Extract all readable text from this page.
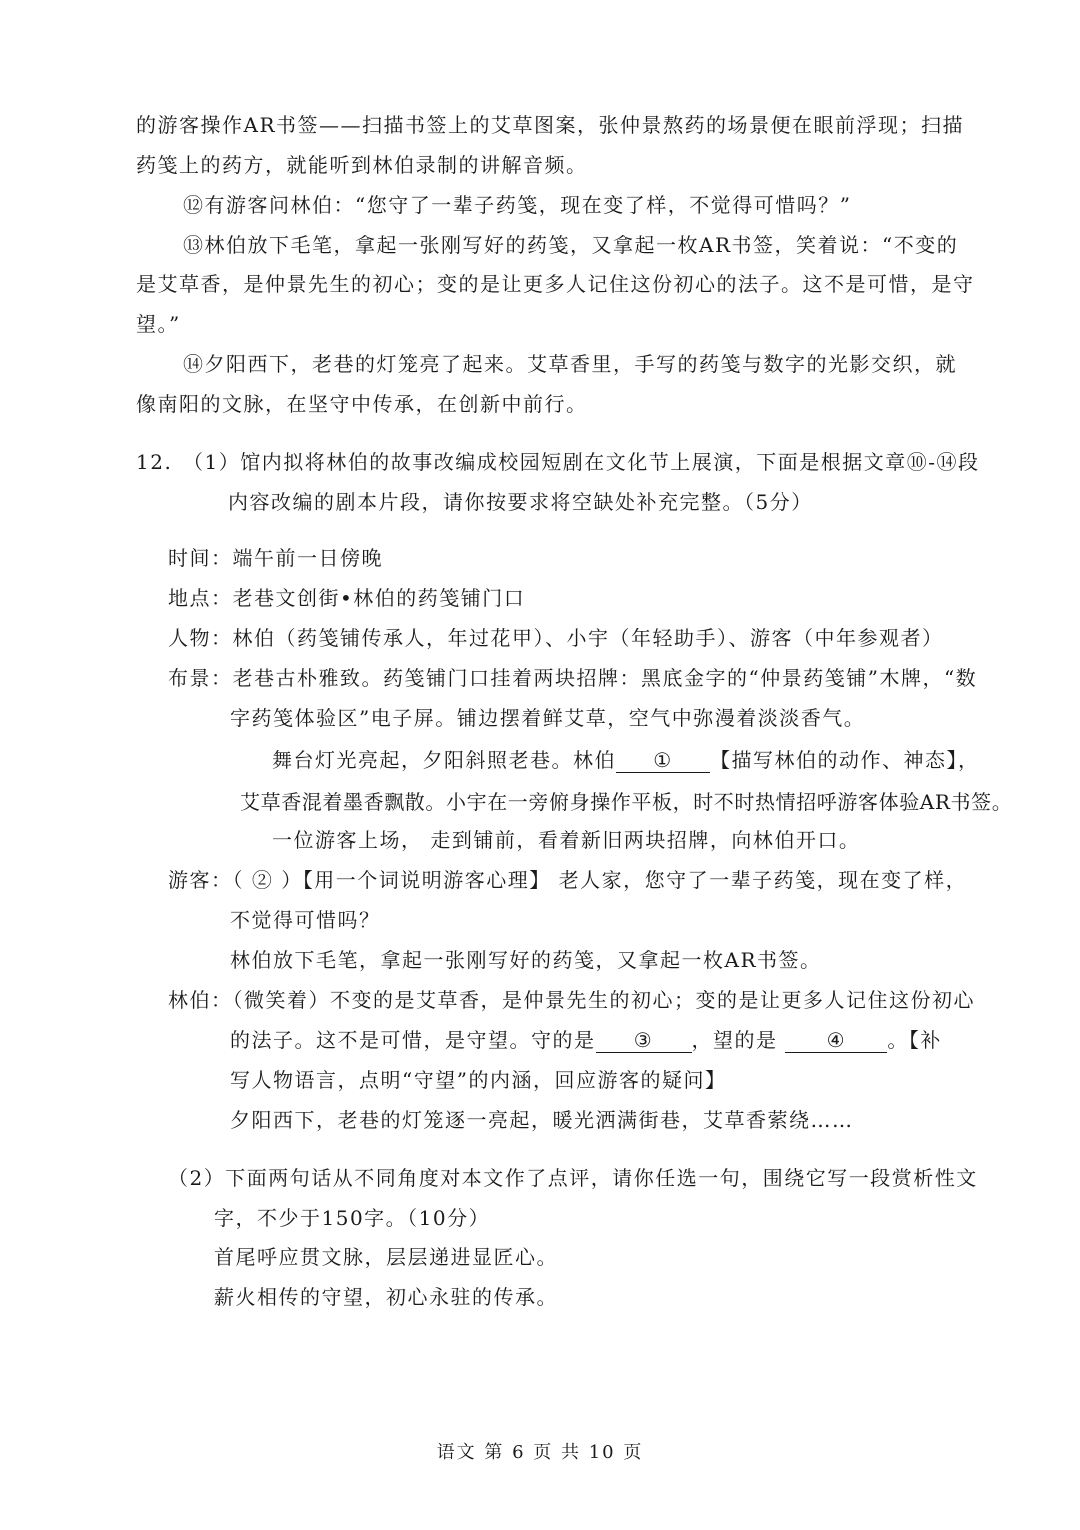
的游客操作AR书签——扫描书签上的艾草图案，张仲景熬药的场景便在眼前浮现；扫描
药笺上的药方，就能听到林伯录制的讲解音频。
⑫有游客问林伯：“您守了一辈子药笺，现在变了样，不觉得可惜吗？”
⑬林伯放下毛笔，拿起一张刚写好的药笺，又拿起一枚AR书签，笑着说：“不变的
是艾草香，是仲景先生的初心；变的是让更多人记住这份初心的法子。这不是可惜，是守
望。”
⑭夕阳西下，老巷的灯笼亮了起来。艾草香里，手写的药笺与数字的光影交织，就
像南阳的文脉，在坚守中传承，在创新中前行。
12. （1）馆内拟将林伯的故事改编成校园短剧在文化节上展演，下面是根据文章⑩-⑭段
内容改编的剧本片段，请你按要求将空缺处补充完整。（5分）
时间：端午前一日傍晚
地点：老巷文创街•林伯的药笺铺门口
人物：林伯（药笺铺传承人，年过花甲）、小宇（年轻助手）、游客（中年参观者）
布景：老巷古朴雅致。药笺铺门口挂着两块招牌：黑底金字的“仲景药笺铺”木牌，“数
字药笺体验区”电子屏。铺边摆着鲜艾草，空气中弥漫着淡淡香气。
舞台灯光亮起，夕阳斜照老巷。林伯 ① 【描写林伯的动作、神态】，
艾草香混着墨香飘散。小宇在一旁俯身操作平板，时不时热情招呼游客体验AR书签。
一位游客上场， 走到铺前，看着新旧两块招牌，向林伯开口。
游客：（ ② ）【用一个词说明游客心理】 老人家，您守了一辈子药笺，现在变了样，
不觉得可惜吗？
林伯放下毛笔，拿起一张刚写好的药笺，又拿起一枚AR书签。
林伯：（微笑着）不变的是艾草香，是仲景先生的初心；变的是让更多人记住这份初心
的法子。这不是可惜，是守望。守的是 ③ ，望的是 ④ 。【补
写人物语言，点明“守望”的内涵，回应游客的疑问】
夕阳西下，老巷的灯笼逐一亮起，暖光洒满街巷，艾草香萦绕……
（2）下面两句话从不同角度对本文作了点评，请你任选一句，围绕它写一段赏析性文
字，不少于150字。（10分）
首尾呼应贯文脉，层层递进显匠心。
薪火相传的守望，初心永驻的传承。
语文 第 6 页 共 10 页
